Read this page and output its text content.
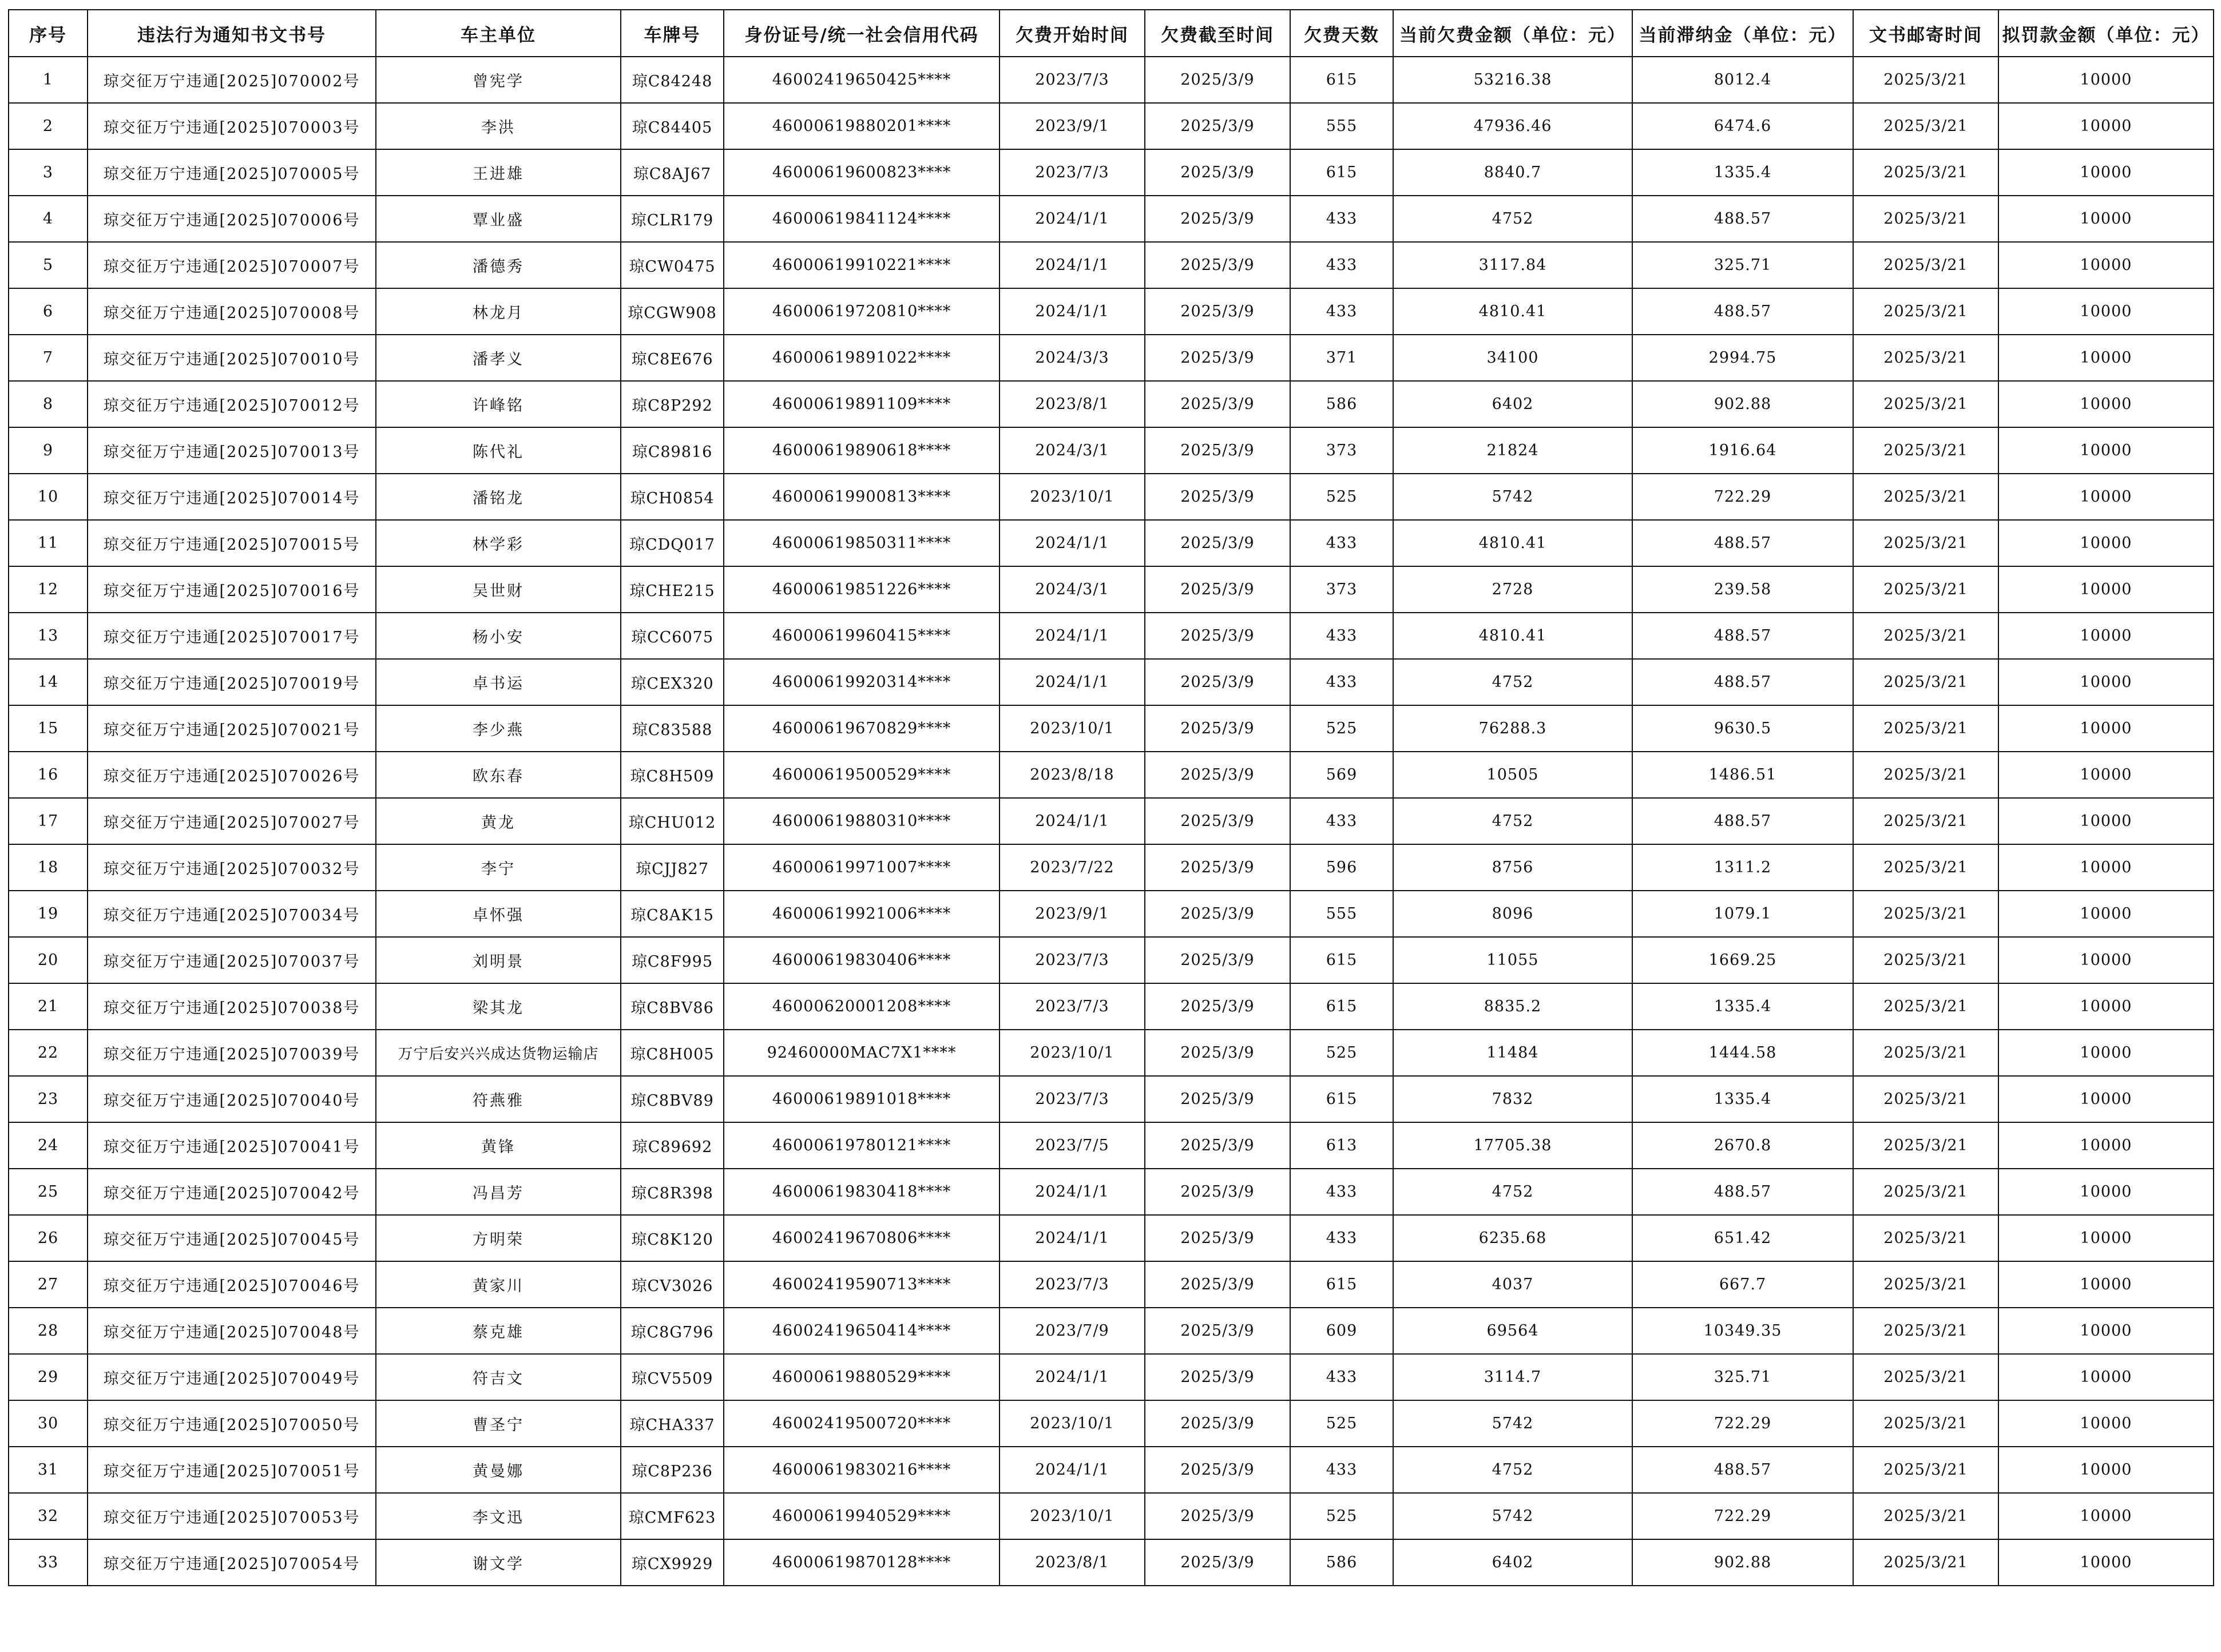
序号	违法行为通知书文书号	车主单位	车牌号	身份证号/统一社会信用代码	欠费开始时间	欠费截至时间	欠费天数	当前欠费金额（单位：元）	当前滞纳金（单位：元）	文书邮寄时间	拟罚款金额（单位：元）
1	琼交征万宁违通[2025]070002号	曾宪学	琼C84248	46002419650425****	2023/7/3	2025/3/9	615	53216.38	8012.4	2025/3/21	10000
2	琼交征万宁违通[2025]070003号	李洪	琼C84405	46000619880201****	2023/9/1	2025/3/9	555	47936.46	6474.6	2025/3/21	10000
3	琼交征万宁违通[2025]070005号	王进雄	琼C8AJ67	46000619600823****	2023/7/3	2025/3/9	615	8840.7	1335.4	2025/3/21	10000
4	琼交征万宁违通[2025]070006号	覃业盛	琼CLR179	46000619841124****	2024/1/1	2025/3/9	433	4752	488.57	2025/3/21	10000
5	琼交征万宁违通[2025]070007号	潘德秀	琼CW0475	46000619910221****	2024/1/1	2025/3/9	433	3117.84	325.71	2025/3/21	10000
6	琼交征万宁违通[2025]070008号	林龙月	琼CGW908	46000619720810****	2024/1/1	2025/3/9	433	4810.41	488.57	2025/3/21	10000
7	琼交征万宁违通[2025]070010号	潘孝义	琼C8E676	46000619891022****	2024/3/3	2025/3/9	371	34100	2994.75	2025/3/21	10000
8	琼交征万宁违通[2025]070012号	许峰铭	琼C8P292	46000619891109****	2023/8/1	2025/3/9	586	6402	902.88	2025/3/21	10000
9	琼交征万宁违通[2025]070013号	陈代礼	琼C89816	46000619890618****	2024/3/1	2025/3/9	373	21824	1916.64	2025/3/21	10000
10	琼交征万宁违通[2025]070014号	潘铭龙	琼CH0854	46000619900813****	2023/10/1	2025/3/9	525	5742	722.29	2025/3/21	10000
11	琼交征万宁违通[2025]070015号	林学彩	琼CDQ017	46000619850311****	2024/1/1	2025/3/9	433	4810.41	488.57	2025/3/21	10000
12	琼交征万宁违通[2025]070016号	吴世财	琼CHE215	46000619851226****	2024/3/1	2025/3/9	373	2728	239.58	2025/3/21	10000
13	琼交征万宁违通[2025]070017号	杨小安	琼CC6075	46000619960415****	2024/1/1	2025/3/9	433	4810.41	488.57	2025/3/21	10000
14	琼交征万宁违通[2025]070019号	卓书运	琼CEX320	46000619920314****	2024/1/1	2025/3/9	433	4752	488.57	2025/3/21	10000
15	琼交征万宁违通[2025]070021号	李少燕	琼C83588	46000619670829****	2023/10/1	2025/3/9	525	76288.3	9630.5	2025/3/21	10000
16	琼交征万宁违通[2025]070026号	欧东春	琼C8H509	46000619500529****	2023/8/18	2025/3/9	569	10505	1486.51	2025/3/21	10000
17	琼交征万宁违通[2025]070027号	黄龙	琼CHU012	46000619880310****	2024/1/1	2025/3/9	433	4752	488.57	2025/3/21	10000
18	琼交征万宁违通[2025]070032号	李宁	琼CJJ827	46000619971007****	2023/7/22	2025/3/9	596	8756	1311.2	2025/3/21	10000
19	琼交征万宁违通[2025]070034号	卓怀强	琼C8AK15	46000619921006****	2023/9/1	2025/3/9	555	8096	1079.1	2025/3/21	10000
20	琼交征万宁违通[2025]070037号	刘明景	琼C8F995	46000619830406****	2023/7/3	2025/3/9	615	11055	1669.25	2025/3/21	10000
21	琼交征万宁违通[2025]070038号	梁其龙	琼C8BV86	46000620001208****	2023/7/3	2025/3/9	615	8835.2	1335.4	2025/3/21	10000
22	琼交征万宁违通[2025]070039号	万宁后安兴兴成达货物运输店	琼C8H005	92460000MAC7X1****	2023/10/1	2025/3/9	525	11484	1444.58	2025/3/21	10000
23	琼交征万宁违通[2025]070040号	符燕雅	琼C8BV89	46000619891018****	2023/7/3	2025/3/9	615	7832	1335.4	2025/3/21	10000
24	琼交征万宁违通[2025]070041号	黄锋	琼C89692	46000619780121****	2023/7/5	2025/3/9	613	17705.38	2670.8	2025/3/21	10000
25	琼交征万宁违通[2025]070042号	冯昌芳	琼C8R398	46000619830418****	2024/1/1	2025/3/9	433	4752	488.57	2025/3/21	10000
26	琼交征万宁违通[2025]070045号	方明荣	琼C8K120	46002419670806****	2024/1/1	2025/3/9	433	6235.68	651.42	2025/3/21	10000
27	琼交征万宁违通[2025]070046号	黄家川	琼CV3026	46002419590713****	2023/7/3	2025/3/9	615	4037	667.7	2025/3/21	10000
28	琼交征万宁违通[2025]070048号	蔡克雄	琼C8G796	46002419650414****	2023/7/9	2025/3/9	609	69564	10349.35	2025/3/21	10000
29	琼交征万宁违通[2025]070049号	符吉文	琼CV5509	46000619880529****	2024/1/1	2025/3/9	433	3114.7	325.71	2025/3/21	10000
30	琼交征万宁违通[2025]070050号	曹圣宁	琼CHA337	46002419500720****	2023/10/1	2025/3/9	525	5742	722.29	2025/3/21	10000
31	琼交征万宁违通[2025]070051号	黄曼娜	琼C8P236	46000619830216****	2024/1/1	2025/3/9	433	4752	488.57	2025/3/21	10000
32	琼交征万宁违通[2025]070053号	李文迅	琼CMF623	46000619940529****	2023/10/1	2025/3/9	525	5742	722.29	2025/3/21	10000
33	琼交征万宁违通[2025]070054号	谢文学	琼CX9929	46000619870128****	2023/8/1	2025/3/9	586	6402	902.88	2025/3/21	10000
